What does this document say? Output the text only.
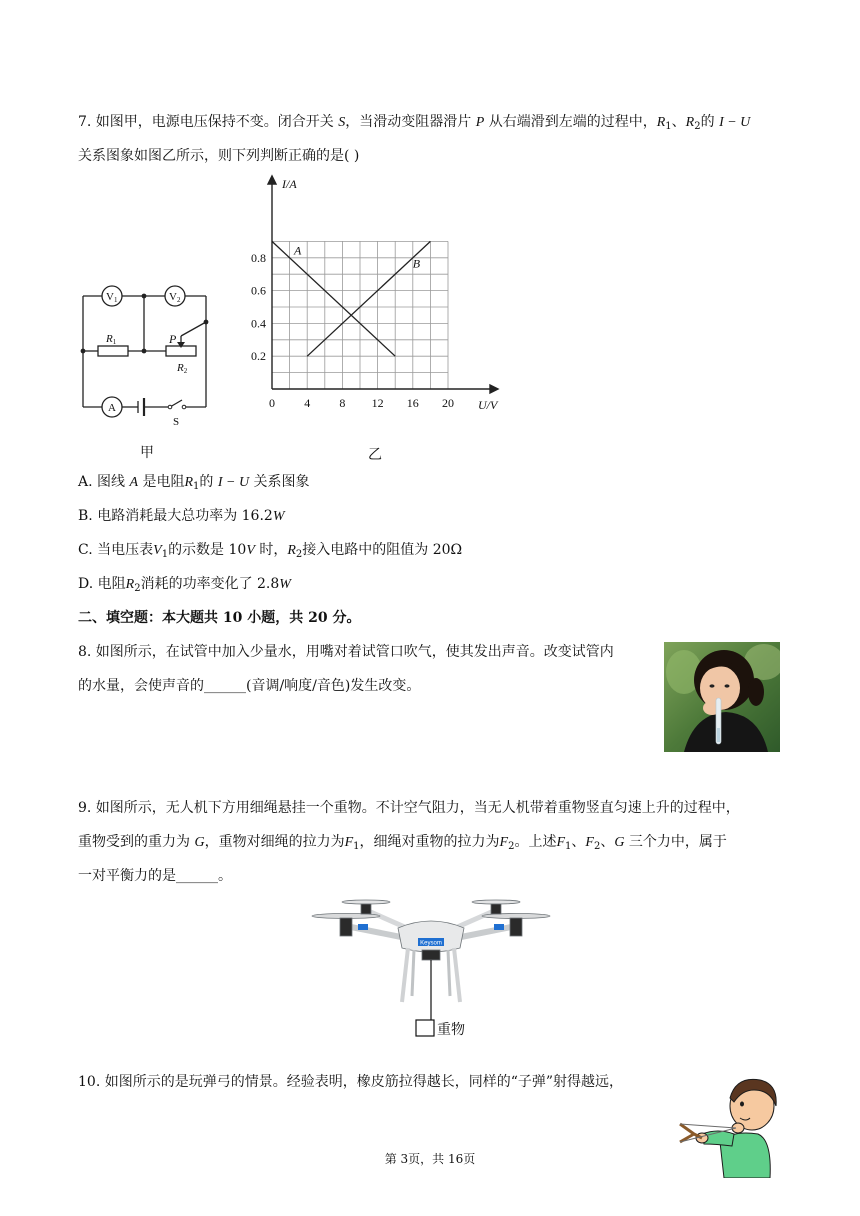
7. 如图甲，电源电压保持不变。闭合开关 S，当滑动变阻器滑片 P 从右端滑到左端的过程中，$R_1$、$R_2$的 I − U
关系图象如图乙所示，则下列判断正确的是( )
V1	V2
R1	P
R2
A
S
甲
A
B
0 4 8 12 16 20
0.2
0.4
0.6
0.8
U/V
I/A
乙
A. 图线 A 是电阻$R_1$的 I − U 关系图象
B. 电路消耗最大总功率为 16.2W
C. 当电压表$V_1$的示数是 10V 时，$R_2$接入电路中的阻值为 20Ω
D. 电阻$R_2$消耗的功率变化了 2.8W
二、填空题：本大题共 10 小题，共 20 分。
8. 如图所示，在试管中加入少量水，用嘴对着试管口吹气，使其发出声音。改变试管内
的水量，会使声音的______(音调/响度/音色)发生改变。
9. 如图所示，无人机下方用细绳悬挂一个重物。不计空气阻力，当无人机带着重物竖直匀速上升的过程中，
重物受到的重力为 G，重物对细绳的拉力为$F_1$，细绳对重物的拉力为$F_2$。上述$F_1$、$F_2$、G 三个力中，属于
一对平衡力的是______。
Keysom
重物
10. 如图所示的是玩弹弓的情景。经验表明，橡皮筋拉得越长，同样的“子弹”射得越远，
第 3页，共 16页
